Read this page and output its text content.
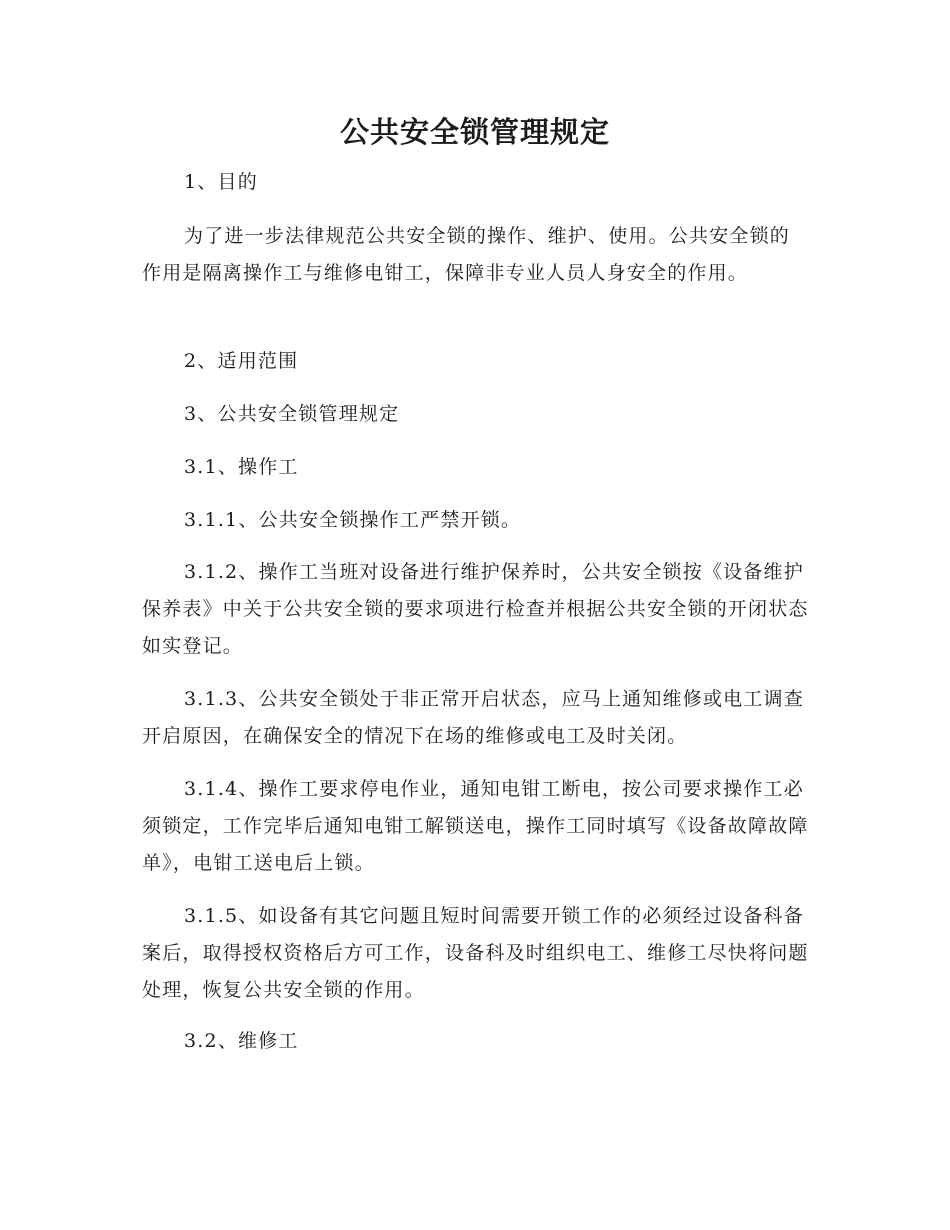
公共安全锁管理规定
1、目的
为了进一步法律规范公共安全锁的操作、维护、使用。公共安全锁的作用是隔离操作工与维修电钳工，保障非专业人员人身安全的作用。
2、适用范围
3、公共安全锁管理规定
3.1、操作工
3.1.1、公共安全锁操作工严禁开锁。
3.1.2、操作工当班对设备进行维护保养时，公共安全锁按《设备维护保养表》中关于公共安全锁的要求项进行检查并根据公共安全锁的开闭状态如实登记。
3.1.3、公共安全锁处于非正常开启状态，应马上通知维修或电工调查开启原因，在确保安全的情况下在场的维修或电工及时关闭。
3.1.4、操作工要求停电作业，通知电钳工断电，按公司要求操作工必须锁定，工作完毕后通知电钳工解锁送电，操作工同时填写《设备故障故障单》，电钳工送电后上锁。
3.1.5、如设备有其它问题且短时间需要开锁工作的必须经过设备科备案后，取得授权资格后方可工作，设备科及时组织电工、维修工尽快将问题处理，恢复公共安全锁的作用。
3.2、维修工
